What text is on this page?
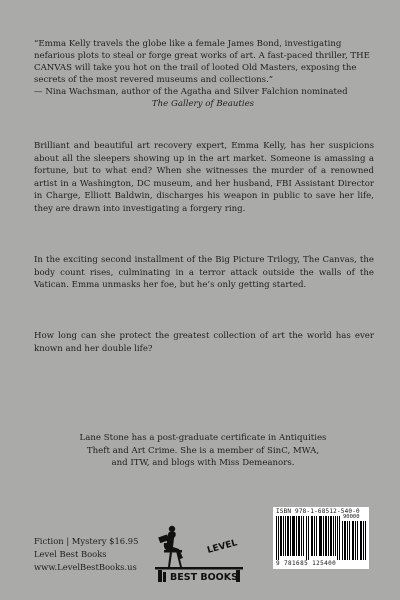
“Emma Kelly travels the globe like a female James Bond, investigating nefarious plots to steal or forge great works of art. A fast-paced thriller, THE CANVAS will take you hot on the trail of looted Old Masters, exposing the secrets of the most revered museums and collections.”

— Nina Wachsman, author of the Agatha and Silver Falchion nominated

The Gallery of Beauties

Brilliant and beautiful art recovery expert, Emma Kelly, has her suspicions about all the sleepers showing up in the art market. Someone is amassing a fortune, but to what end? When she witnesses the murder of a renowned artist in a Washington, DC museum, and her husband, FBI Assistant Director in Charge, Elliott Baldwin, discharges his weapon in public to save her life, they are drawn into investigating a forgery ring.

In the exciting second installment of the Big Picture Trilogy, The Canvas, the body count rises, culminating in a terror attack outside the walls of the Vatican. Emma unmasks her foe, but he’s only getting started.

How long can she protect the greatest collection of art the world has ever known and her double life?

Lane Stone has a post-graduate certificate in Antiquities
Theft and Art Crime. She is a member of SinC, MWA,
and ITW, and blogs with Miss Demeanors.
Fiction | Mystery $16.95
Level Best Books
www.LevelBestBooks.us
LEVEL
BEST BOOKS
ISBN 978-1-68512-540-0
90000
9 781685 125400
